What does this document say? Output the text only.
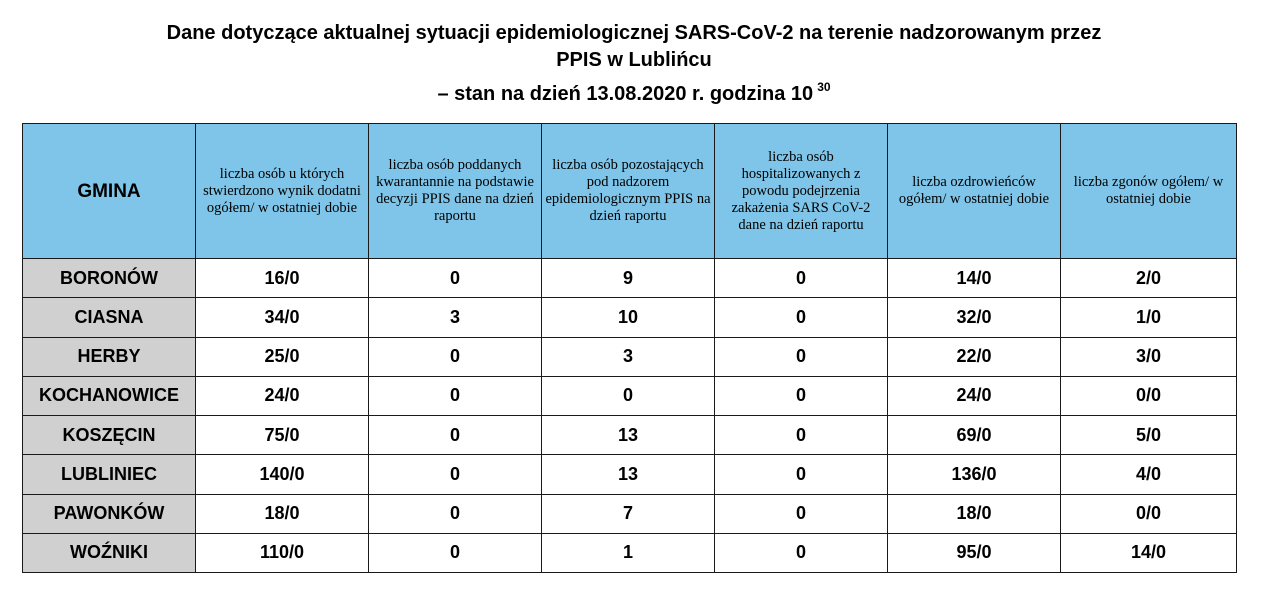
Dane dotyczące aktualnej sytuacji epidemiologicznej SARS-CoV-2 na terenie nadzorowanym przez
PPIS w Lublińcu
– stan na dzień 13.08.2020 r. godzina 10 $^{30}$
GMINA	liczba osób u których stwierdzono wynik dodatni ogółem/ w ostatniej dobie	liczba osób poddanych kwarantannie na podstawie decyzji PPIS dane na dzień raportu	liczba osób pozostających pod nadzorem epidemiologicznym PPIS na dzień raportu	liczba osób hospitalizowanych z powodu podejrzenia zakażenia SARS CoV-2 dane na dzień raportu	liczba ozdrowieńców ogółem/ w ostatniej dobie	liczba zgonów ogółem/ w ostatniej dobie
BORONÓW	16/0	0	9	0	14/0	2/0
CIASNA	34/0	3	10	0	32/0	1/0
HERBY	25/0	0	3	0	22/0	3/0
KOCHANOWICE	24/0	0	0	0	24/0	0/0
KOSZĘCIN	75/0	0	13	0	69/0	5/0
LUBLINIEC	140/0	0	13	0	136/0	4/0
PAWONKÓW	18/0	0	7	0	18/0	0/0
WOŹNIKI	110/0	0	1	0	95/0	14/0
